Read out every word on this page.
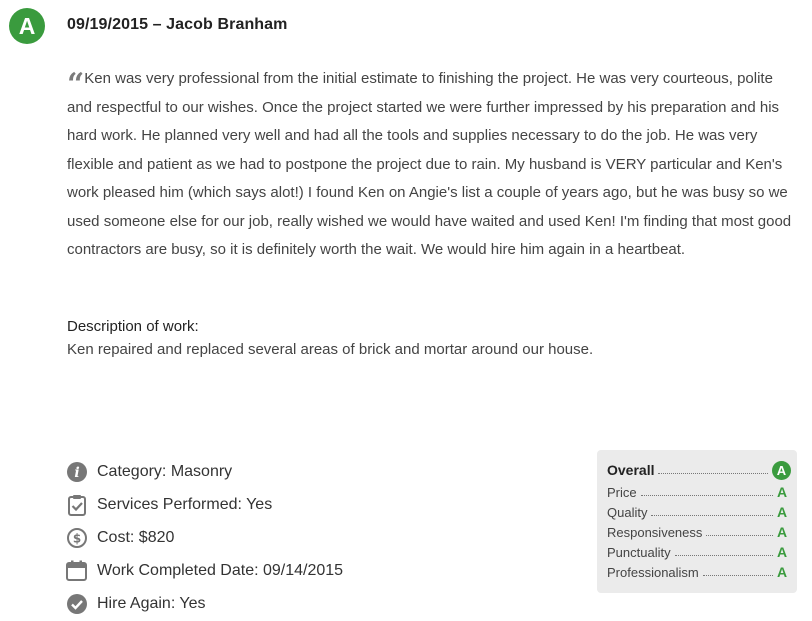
A	09/19/2015 – Jacob Branham
“ Ken was very professional from the initial estimate to finishing the project. He was very courteous, polite and respectful to our wishes. Once the project started we were further impressed by his preparation and his hard work. He planned very well and had all the tools and supplies necessary to do the job. He was very flexible and patient as we had to postpone the project due to rain. My husband is VERY particular and Ken's work pleased him (which says alot!) I found Ken on Angie's list a couple of years ago, but he was busy so we used someone else for our job, really wished we would have waited and used Ken! I'm finding that most good contractors are busy, so it is definitely worth the wait. We would hire him again in a heartbeat.
Description of work:
Ken repaired and replaced several areas of brick and mortar around our house.
i Category: Masonry
Services Performed: Yes
$ Cost: $820
Work Completed Date: 09/14/2015
Hire Again: Yes
Overall	A
Price	A
Quality	A
Responsiveness	A
Punctuality	A
Professionalism	A
